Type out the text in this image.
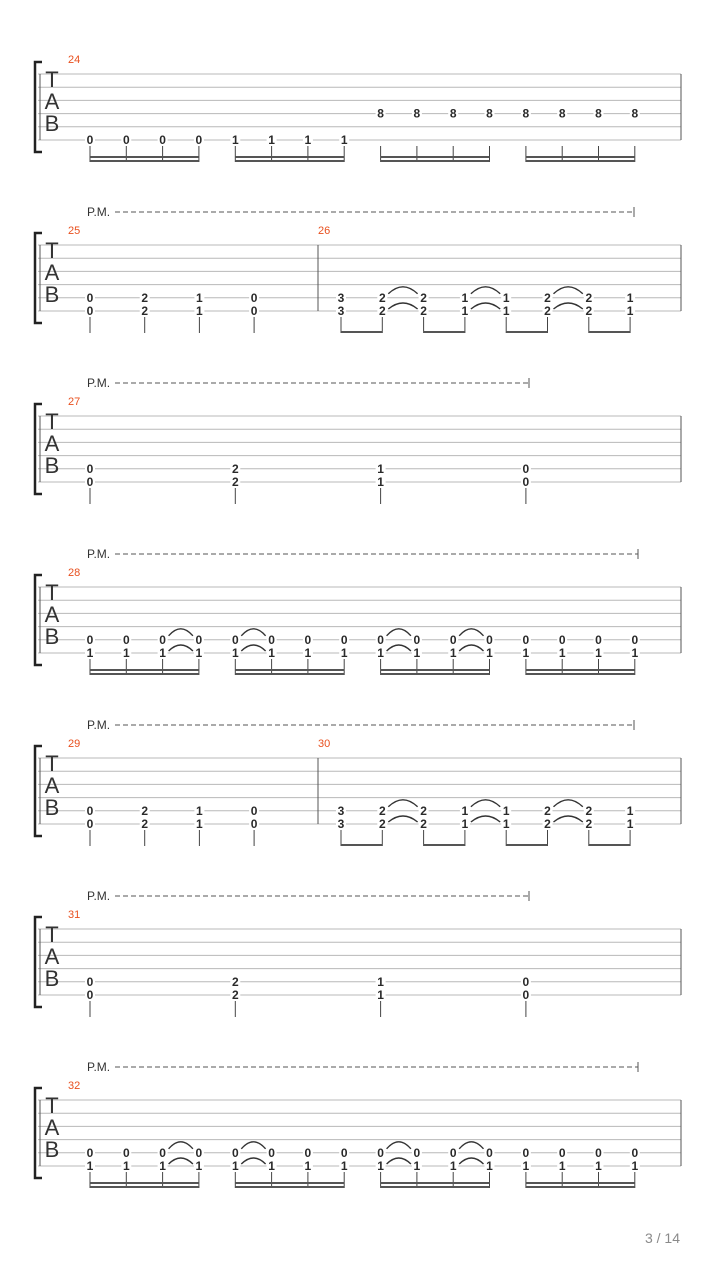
T
A
B
24
0 0 0 0 1 1 1 1
8 8 8 8 8 8 8 8
T
A
B
P.M.
25
0
0
2
2
1
1
0
0
26
3
3
2
2
2
2
1
1
1
1
2
2
2
2
1
1
T
A
B
P.M.
27
0
0
2
2
1
1
0
0
T
A
B
P.M.
28
0
1
0
1
0
1
0
1
0
1
0
1
0
1
0
1
0
1
0
1
0
1
0
1
0
1
0
1
0
1
0
1
T
A
B
P.M.
29
0
0
2
2
1
1
0
0
30
3
3
2
2
2
2
1
1
1
1
2
2
2
2
1
1
T
A
B
P.M.
31
0
0
2
2
1
1
0
0
T
A
B
P.M.
32
0
1
0
1
0
1
0
1
0
1
0
1
0
1
0
1
0
1
0
1
0
1
0
1
0
1
0
1
0
1
0
1
3 / 14
